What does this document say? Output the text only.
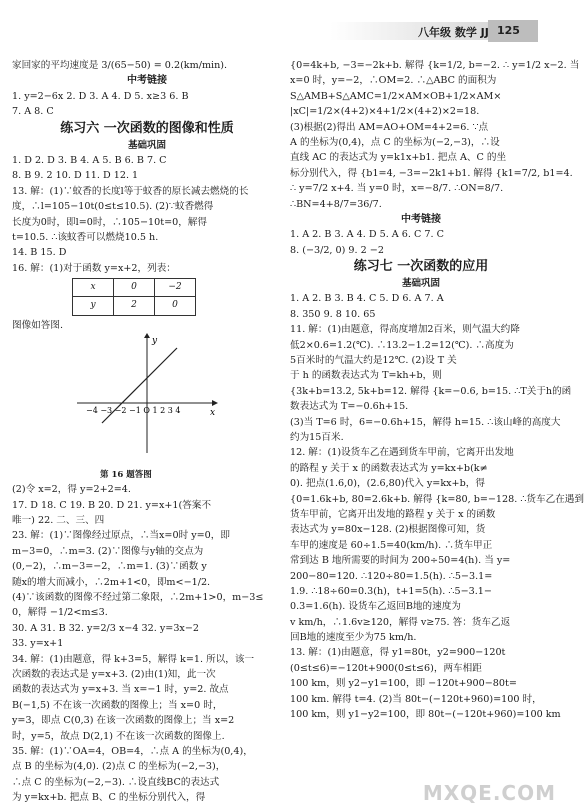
八年级 数学 JJ 125
家回家的平均速度是 3/(65−50) = 0.2(km/min).
中考链接
1. y=2−6x 2. D 3. A 4. D 5. x≥3 6. B
7. A 8. C
练习六 一次函数的图像和性质
基础巩固
1. D 2. D 3. B 4. A 5. B 6. B 7. C
8. B 9. 2 10. D 11. D 12. 1
13. 解：(1)∵蚊香的长度l等于蚊香的原长减去燃烧的长
度，∴l=105−10t(0≤t≤10.5). (2)∵蚊香燃得
长度为0时，即l=0时，∴105−10t=0，解得
t=10.5. ∴该蚊香可以燃烧10.5 h.
14. B 15. D
16. 解：(1)对于函数 y=x+2，列表：
x	0	−2
y	2	0
图像如答图.
y
x
−4 −3 −2 −1 O 1 2 3 4
第 16 题答图
(2)令 x=2，得 y=2+2=4.
17. D 18. C 19. B 20. D 21. y=x+1(答案不
唯一) 22. 二、三、四
23. 解：(1)∵图像经过原点，∴当x=0时 y=0，即
m−3=0，∴m=3. (2)∵图像与y轴的交点为
(0,−2)，∴m−3=−2，∴m=1. (3)∵函数 y
随x的增大而减小，∴2m+1<0，即m<−1/2.
(4)∵该函数的图像不经过第二象限，∴2m+1>0，m−3≤
0，解得 −1/2<m≤3.
30. A 31. B 32. y=2/3 x−4 32. y=3x−2
33. y=x+1
34. 解：(1)由题意，得 k+3=5，解得 k=1. 所以，该一
次函数的表达式是 y=x+3. (2)由(1)知，此一次
函数的表达式为 y=x+3. 当 x=−1 时，y=2. 故点
B(−1,5) 不在该一次函数的图像上；当 x=0 时，
y=3，即点 C(0,3) 在该一次函数的图像上；当 x=2
时，y=5，故点 D(2,1) 不在该一次函数的图像上.
35. 解：(1)∵OA=4，OB=4，∴点 A 的坐标为(0,4)，
点 B 的坐标为(4,0). (2)点 C 的坐标为(−2,−3)，
∴点 C 的坐标为(−2,−3). ∴设直线BC的表达式
为 y=kx+b. 把点 B、C 的坐标分别代入，得
{0=4k+b, −3=−2k+b. 解得 {k=1/2, b=−2. ∴ y=1/2 x−2. 当
x=0 时，y=−2，∴OM=2. ∴△ABC 的面积为
S△AMB+S△AMC=1/2×AM×OB+1/2×AM×
|xC|=1/2×(4+2)×4+1/2×(4+2)×2=18.
(3)根据(2)得出 AM=AO+OM=4+2=6. ∵点
A 的坐标为(0,4)，点 C 的坐标为(−2,−3)，∴设
直线 AC 的表达式为 y=k1x+b1. 把点 A、C 的坐
标分别代入，得 {b1=4, −3=−2k1+b1. 解得 {k1=7/2, b1=4.
∴ y=7/2 x+4. 当 y=0 时，x=−8/7. ∴ON=8/7.
∴BN=4+8/7=36/7.
中考链接
1. A 2. B 3. A 4. D 5. A 6. C 7. C
8. (−3/2, 0) 9. 2 −2
练习七 一次函数的应用
基础巩固
1. A 2. B 3. B 4. C 5. D 6. A 7. A
8. 350 9. 8 10. 65
11. 解：(1)由题意，得高度增加2百米，则气温大约降
低2×0.6=1.2(℃). ∴13.2−1.2=12(℃). ∴高度为
5百米时的气温大约是12℃. (2)设 T 关
于 h 的函数表达式为 T=kh+b，则
{3k+b=13.2, 5k+b=12. 解得 {k=−0.6, b=15. ∴T关于h的函
数表达式为 T=−0.6h+15.
(3)当 T=6 时，6=−0.6h+15，解得 h=15. ∴该山峰的高度大
约为15百米.
12. 解：(1)设货车乙在遇到货车甲前，它离开出发地
的路程 y 关于 x 的函数表达式为 y=kx+b(k≠
0). 把点(1.6,0)，(2.6,80)代入 y=kx+b，得
{0=1.6k+b, 80=2.6k+b. 解得 {k=80, b=−128. ∴货车乙在遇到
货车甲前，它离开出发地的路程 y 关于 x 的函数
表达式为 y=80x−128. (2)根据图像可知，货
车甲的速度是 60÷1.5=40(km/h). ∴货车甲正
常到达 B 地所需要的时间为 200÷50=4(h). 当 y=
200−80=120. ∴120÷80=1.5(h). ∴5−3.1=
1.9. ∴18÷60=0.3(h)，t+1=5(h). ∴5−3.1−
0.3=1.6(h). 设货车乙返回B地的速度为
v km/h，∴1.6v≥120，解得 v≥75. 答：货车乙返
回B地的速度至少为75 km/h.
13. 解：(1)由题意，得 y1=80t，y2=900−120t
(0≤t≤6)=−120t+900(0≤t≤6)，两车相距
100 km，则 y2−y1=100，即 −120t+900−80t=
100 km. 解得 t=4. (2)当 80t−(−120t+960)=100 时，
100 km，则 y1−y2=100，即 80t−(−120t+960)=100 km
MXQE.COM
